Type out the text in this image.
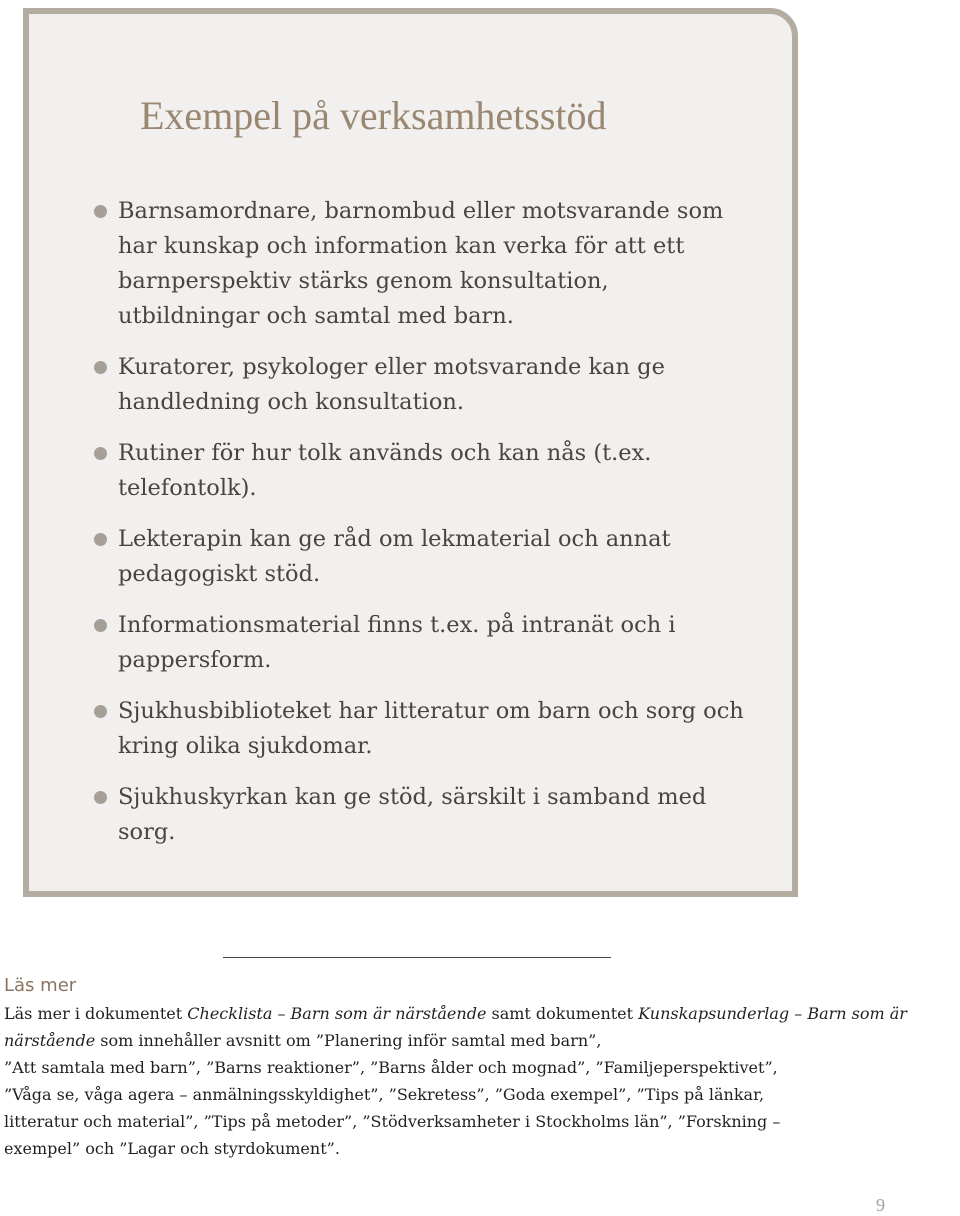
Exempel på verksamhetsstöd
Barnsamordnare, barnombud eller motsvarande som har kunskap och information kan verka för att ett barnperspektiv stärks genom konsultation, utbildningar och samtal med barn.
Kuratorer, psykologer eller motsvarande kan ge handledning och konsultation.
Rutiner för hur tolk används och kan nås (t.ex. telefontolk).
Lekterapin kan ge råd om lekmaterial och annat pedagogiskt stöd.
Informationsmaterial finns t.ex. på intranät och i pappersform.
Sjukhusbiblioteket har litteratur om barn och sorg och kring olika sjukdomar.
Sjukhuskyrkan kan ge stöd, särskilt i samband med sorg.
Läs mer

Läs mer i dokumentet Checklista – Barn som är närstående samt dokumentet Kunskapsunderlag – Barn som är
närstående som innehåller avsnitt om ”Planering inför samtal med barn”,
”Att samtala med barn”, ”Barns reaktioner”, ”Barns ålder och mognad”, ”Familjeperspektivet”,
”Våga se, våga agera – anmälningsskyldighet”, ”Sekretess”, ”Goda exempel”, ”Tips på länkar,
litteratur och material”, ”Tips på metoder”, ”Stödverksamheter i Stockholms län”, ”Forskning –
exempel” och ”Lagar och styrdokument”.

9
